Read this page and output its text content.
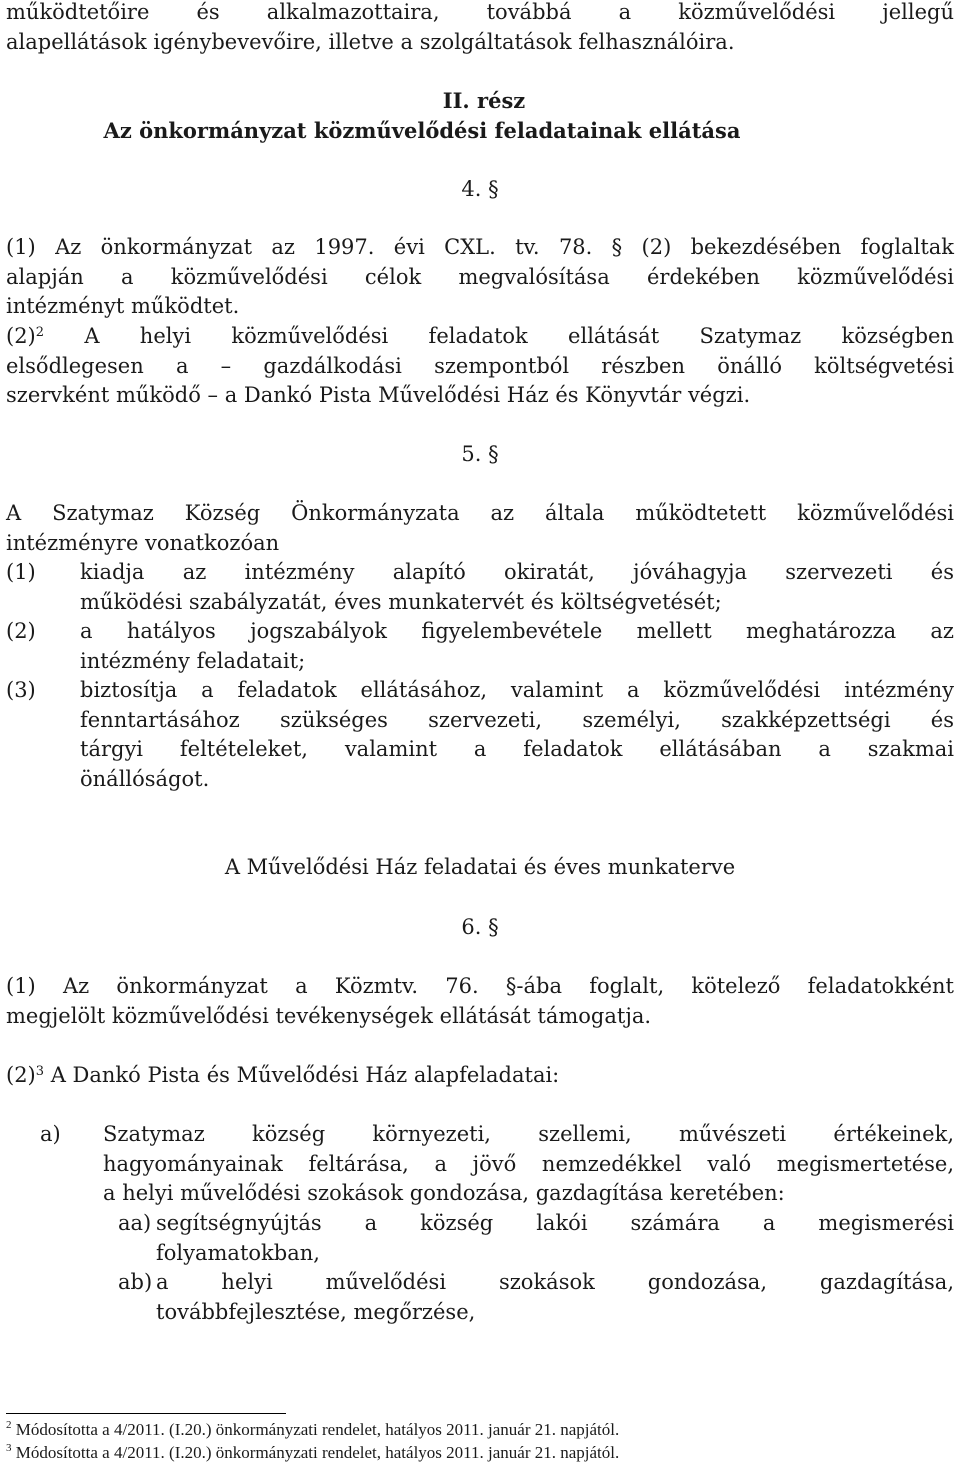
működtetőire és alkalmazottaira, továbbá a közművelődési jellegű
alapellátások igénybevevőire, illetve a szolgáltatások felhasználóira.
II. rész
Az önkormányzat közművelődési feladatainak ellátása
4. §
(1) Az önkormányzat az 1997. évi CXL. tv. 78. § (2) bekezdésében foglaltak
alapján a közművelődési célok megvalósítása érdekében közművelődési
intézményt működtet.
$(2)^2$ A helyi közművelődési feladatok ellátását Szatymaz községben
elsődlegesen a – gazdálkodási szempontból részben önálló költségvetési
szervként működő – a Dankó Pista Művelődési Ház és Könyvtár végzi.
5. §
A Szatymaz Község Önkormányzata az általa működtetett közművelődési
intézményre vonatkozóan
(1) kiadja az intézmény alapító okiratát, jóváhagyja szervezeti és
működési szabályzatát, éves munkatervét és költségvetését;
(2) a hatályos jogszabályok figyelembevétele mellett meghatározza az
intézmény feladatait;
(3) biztosítja a feladatok ellátásához, valamint a közművelődési intézmény
fenntartásához szükséges szervezeti, személyi, szakképzettségi és
tárgyi feltételeket, valamint a feladatok ellátásában a szakmai
önállóságot.
A Művelődési Ház feladatai és éves munkaterve
6. §
(1) Az önkormányzat a Közmtv. 76. §-ába foglalt, kötelező feladatokként
megjelölt közművelődési tevékenységek ellátását támogatja.
$(2)^3$ A Dankó Pista és Művelődési Ház alapfeladatai:
a) Szatymaz község környezeti, szellemi, művészeti értékeinek,
hagyományainak feltárása, a jövő nemzedékkel való megismertetése,
a helyi művelődési szokások gondozása, gazdagítása keretében:
aa) segítségnyújtás a község lakói számára a megismerési
folyamatokban,
ab) a helyi művelődési szokások gondozása, gazdagítása,
továbbfejlesztése, megőrzése,
$^2$ Módosította a 4/2011. (I.20.) önkormányzati rendelet, hatályos 2011. január 21. napjától.
$^3$ Módosította a 4/2011. (I.20.) önkormányzati rendelet, hatályos 2011. január 21. napjától.
